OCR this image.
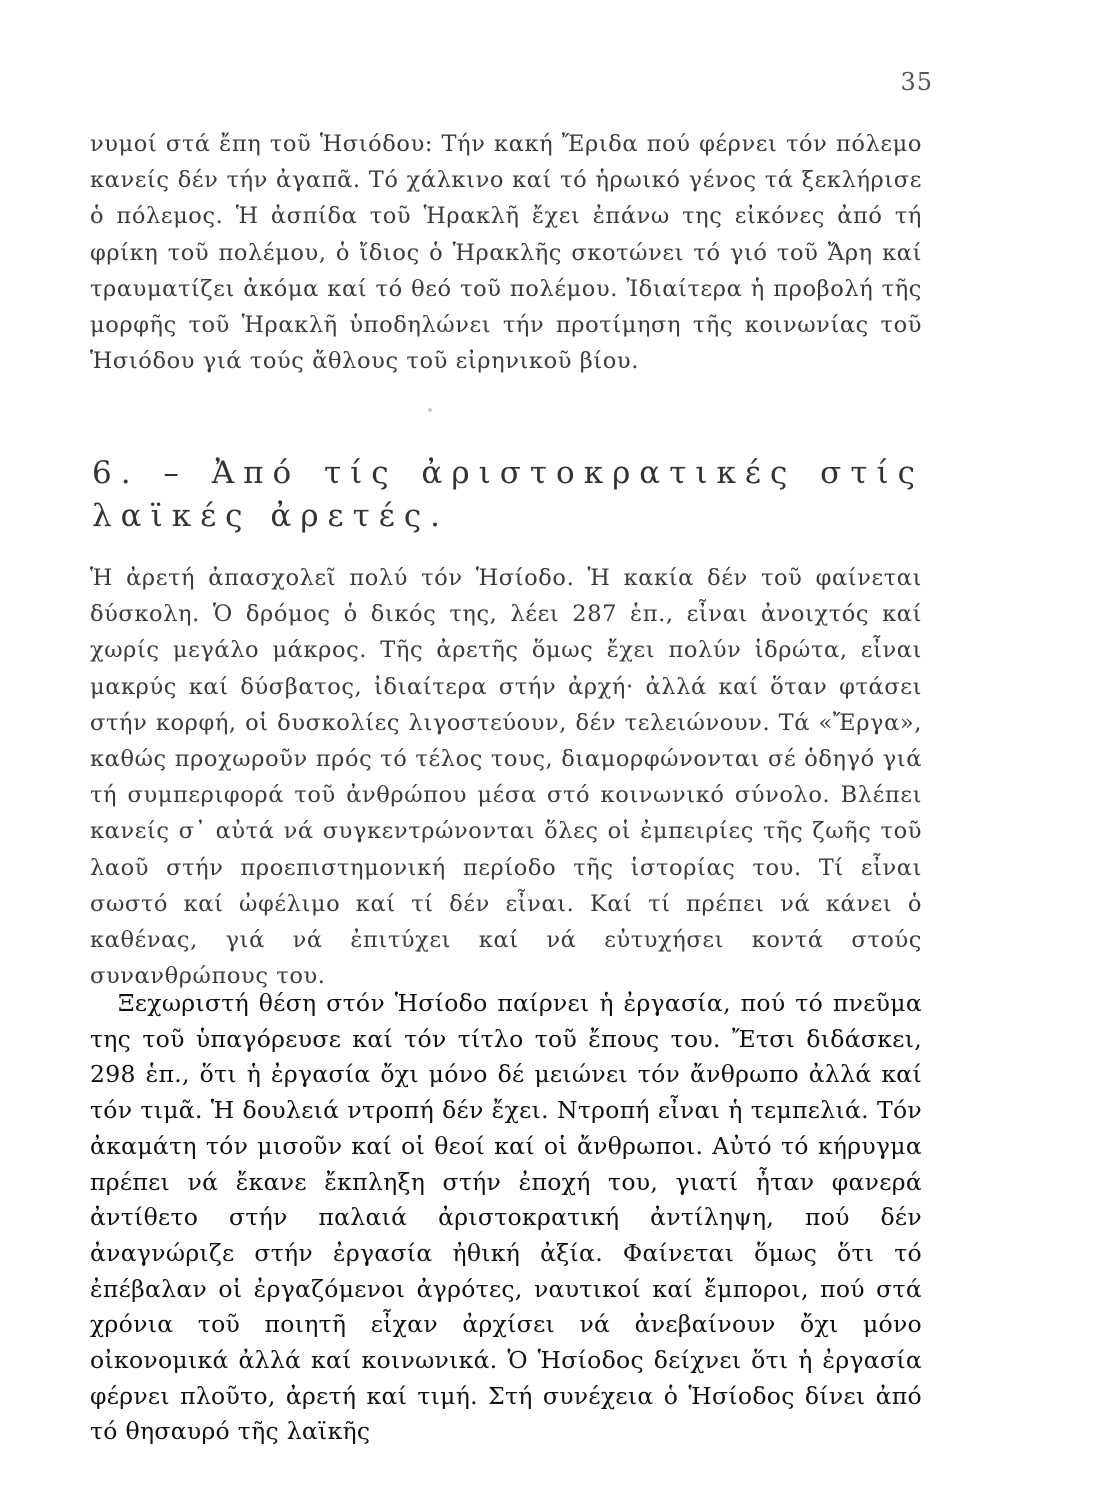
35

νυμοί στά ἔπη τοῦ Ἡσιόδου: Τήν κακή Ἔριδα πού φέρνει τόν πόλεμο κανείς δέν τήν ἀγαπᾶ. Τό χάλκινο καί τό ἡρωικό γένος τά ξεκλήρισε ὁ πόλεμος. Ἡ ἀσπίδα τοῦ Ἡρακλῆ ἔχει ἐπάνω της εἰκόνες ἀπό τή φρίκη τοῦ πολέμου, ὁ ἴδιος ὁ Ἡρακλῆς σκοτώνει τό γιό τοῦ Ἄρη καί τραυματίζει ἀκόμα καί τό θεό τοῦ πολέμου. Ἰδιαίτερα ἡ προβολή τῆς μορφῆς τοῦ Ἡρακλῆ ὑποδηλώνει τήν προτίμηση τῆς κοινωνίας τοῦ Ἡσιόδου γιά τούς ἄθλους τοῦ εἰρηνικοῦ βίου.

6. – Ἀπό τίς ἀριστοκρατικές στίς λαϊκές ἀρετές.

Ἡ ἀρετή ἀπασχολεῖ πολύ τόν Ἡσίοδο. Ἡ κακία δέν τοῦ φαίνεται δύσκολη. Ὁ δρόμος ὁ δικός της, λέει 287 ἑπ., εἶναι ἀνοιχτός καί χωρίς μεγάλο μάκρος. Τῆς ἀρετῆς ὅμως ἔχει πολύν ἱδρώτα, εἶναι μακρύς καί δύσβατος, ἰδιαίτερα στήν ἀρχή· ἀλλά καί ὅταν φτάσει στήν κορφή, οἱ δυσκολίες λιγοστεύουν, δέν τελειώνουν. Τά «Ἔργα», καθώς προχωροῦν πρός τό τέλος τους, διαμορφώνονται σέ ὁδηγό γιά τή συμπεριφορά τοῦ ἀνθρώπου μέσα στό κοινωνικό σύνολο. Βλέπει κανείς σ᾽ αὐτά νά συγκεντρώνονται ὅλες οἱ ἐμπειρίες τῆς ζωῆς τοῦ λαοῦ στήν προεπιστημονική περίοδο τῆς ἱστορίας του. Τί εἶναι σωστό καί ὠφέλιμο καί τί δέν εἶναι. Καί τί πρέπει νά κάνει ὁ καθένας, γιά νά ἐπιτύχει καί νά εὐτυχήσει κοντά στούς συνανθρώπους του.

Ξεχωριστή θέση στόν Ἡσίοδο παίρνει ἡ ἐργασία, πού τό πνεῦμα της τοῦ ὑπαγόρευσε καί τόν τίτλο τοῦ ἔπους του. Ἔτσι διδάσκει, 298 ἑπ., ὅτι ἡ ἐργασία ὄχι μόνο δέ μειώνει τόν ἄνθρωπο ἀλλά καί τόν τιμᾶ. Ἡ δουλειά ντροπή δέν ἔχει. Ντροπή εἶναι ἡ τεμπελιά. Τόν ἀκαμάτη τόν μισοῦν καί οἱ θεοί καί οἱ ἄνθρωποι. Αὐτό τό κήρυγμα πρέπει νά ἔκανε ἔκπληξη στήν ἐποχή του, γιατί ἦταν φανερά ἀντίθετο στήν παλαιά ἀριστοκρατική ἀντίληψη, πού δέν ἀναγνώριζε στήν ἐργασία ἠθική ἀξία. Φαίνεται ὅμως ὅτι τό ἐπέβαλαν οἱ ἐργαζόμενοι ἀγρότες, ναυτικοί καί ἔμποροι, πού στά χρόνια τοῦ ποιητῆ εἶχαν ἀρχίσει νά ἀνεβαίνουν ὄχι μόνο οἰκονομικά ἀλλά καί κοινωνικά. Ὁ Ἡσίοδος δείχνει ὅτι ἡ ἐργασία φέρνει πλοῦτο, ἀρετή καί τιμή. Στή συνέχεια ὁ Ἡσίοδος δίνει ἀπό τό θησαυρό τῆς λαϊκῆς
